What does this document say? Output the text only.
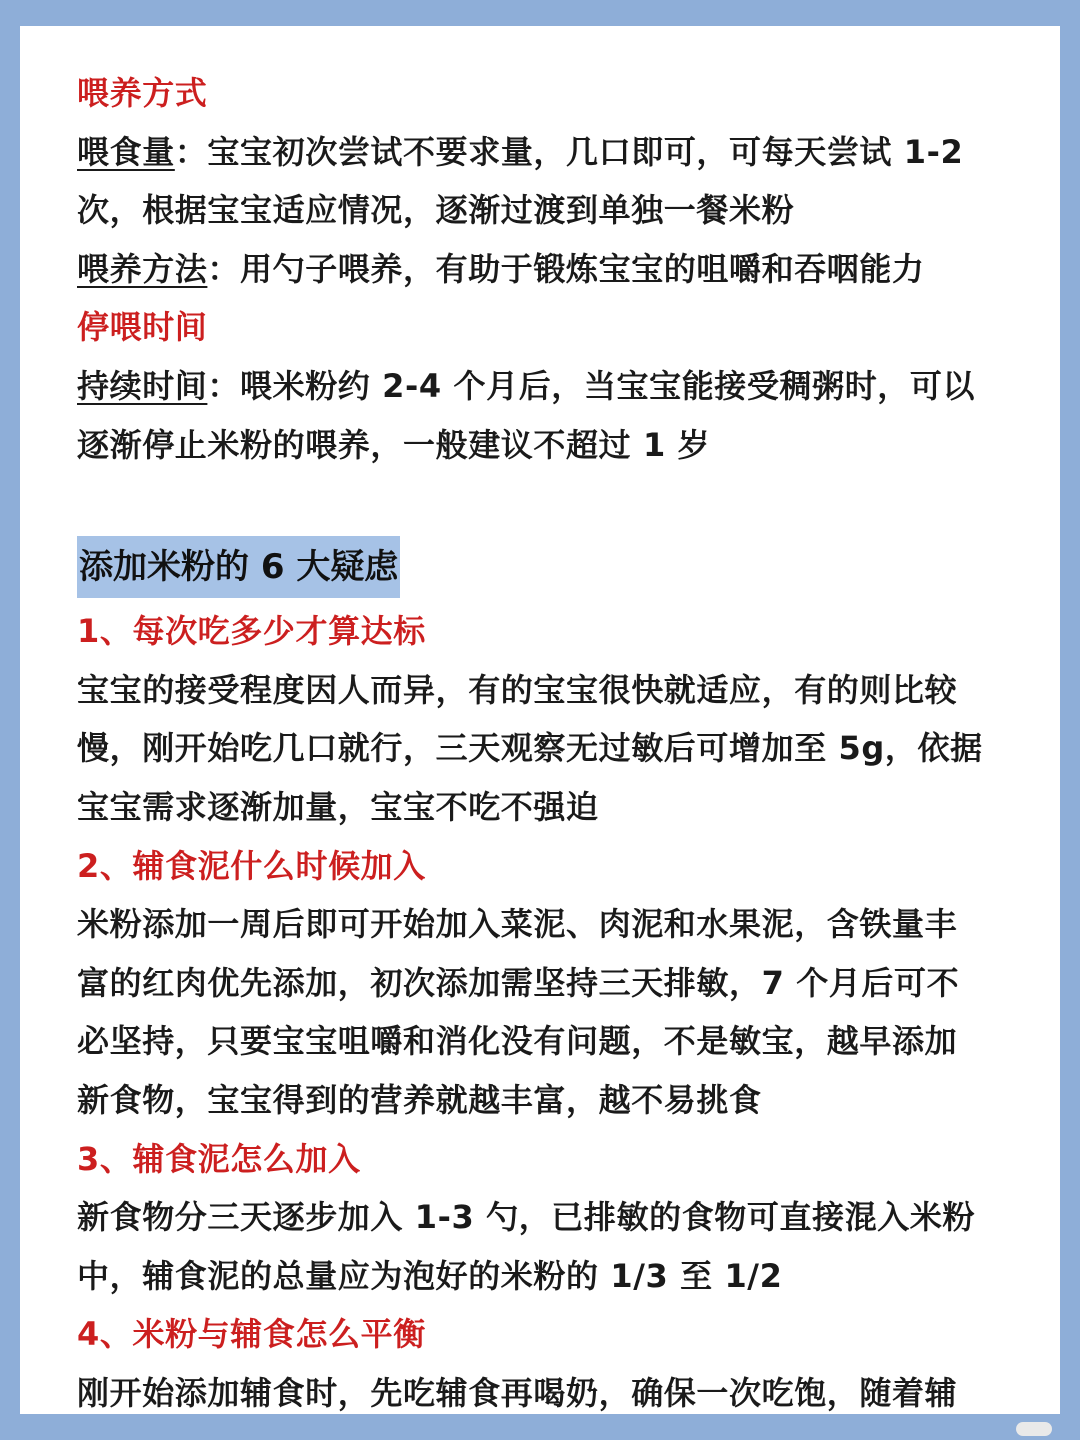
喂养方式
喂食量：宝宝初次尝试不要求量，几口即可，可每天尝试 1-2
次，根据宝宝适应情况，逐渐过渡到单独一餐米粉
喂养方法：用勺子喂养，有助于锻炼宝宝的咀嚼和吞咽能力
停喂时间
持续时间：喂米粉约 2-4 个月后，当宝宝能接受稠粥时，可以
逐渐停止米粉的喂养，一般建议不超过 1 岁
添加米粉的 6 大疑虑
1、每次吃多少才算达标
宝宝的接受程度因人而异，有的宝宝很快就适应，有的则比较
慢，刚开始吃几口就行，三天观察无过敏后可增加至 5g，依据
宝宝需求逐渐加量，宝宝不吃不强迫
2、辅食泥什么时候加入
米粉添加一周后即可开始加入菜泥、肉泥和水果泥，含铁量丰
富的红肉优先添加，初次添加需坚持三天排敏，7 个月后可不
必坚持，只要宝宝咀嚼和消化没有问题，不是敏宝，越早添加
新食物，宝宝得到的营养就越丰富，越不易挑食
3、辅食泥怎么加入
新食物分三天逐步加入 1-3 勺，已排敏的食物可直接混入米粉
中，辅食泥的总量应为泡好的米粉的 1/3 至 1/2
4、米粉与辅食怎么平衡
刚开始添加辅食时，先吃辅食再喝奶，确保一次吃饱，随着辅
